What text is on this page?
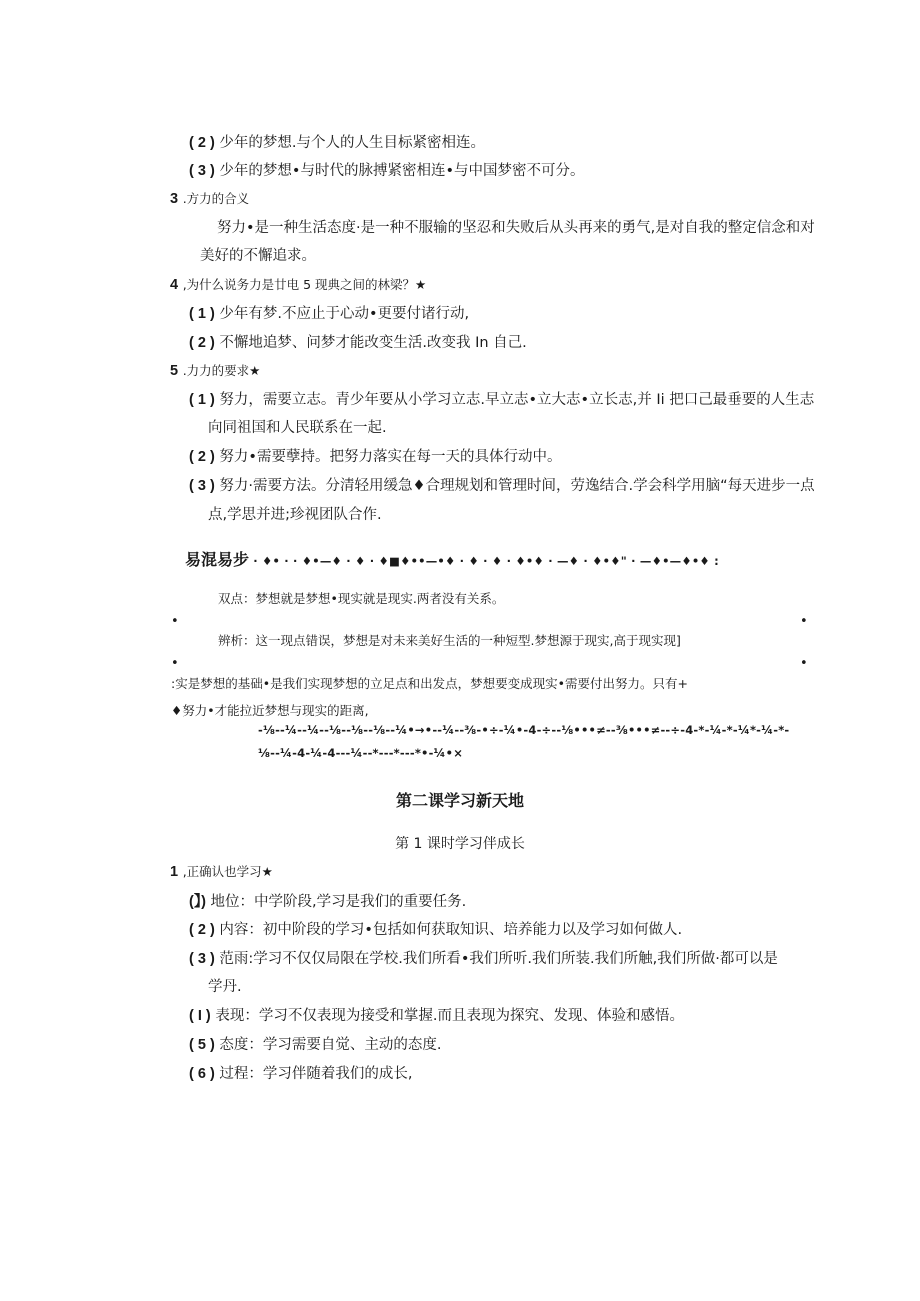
( 2 ) 少年的梦想.与个人的人生目标紧密相连。
( 3 ) 少年的梦想•与时代的脉搏紧密相连•与中国梦密不可分。
3 .方力的合义
努力•是一种生活态度·是一种不服输的坚忍和失败后从头再来的勇气,是对自我的整定信念和对
美好的不懈追求。
4 ,为什么说务力是廿电 5 现典之间的林梁？★
( 1 ) 少年有梦.不应止于心动•更要付诸行动,
( 2 ) 不懈地追梦、问梦才能改变生活.改变我 In 自己.
5 .力力的要求★
( 1 ) 努力，需要立志。青少年要从小学习立志.早立志•立大志•立长志,并 Ii 把口己最垂要的人生志
向同祖国和人民联系在一起.
( 2 ) 努力•需要孽持。把努力落实在每一天的具体行动中。
( 3 ) 努力·需要方法。分清轻用缓急♦合理规划和管理时间，劳逸结合.学会科学用脑“每天进步一点
点,学思并进;珍视团队合作.
易混易步 · ♦• · · ♦•—♦ · ♦ · ♦■♦••—•♦ · ♦ · ♦ · ♦•♦ · —♦ · ♦•♦" · —♦•—♦•♦ :
双点：梦想就是梦想•现实就是现实.两者没有关系。
•	•
辨析：这一现点错误，梦想是对未来美好生活的一种短型.梦想源于现实,高于现实现]
•	•
:实是梦想的基础•是我们实现梦想的立足点和出发点，梦想要变成现实•需要付出努力。只有+
♦努力•才能拉近梦想与现实的距离,
-⅛--¼--¼--⅛--⅛--⅛--¼•→•--¼--⅜-•÷-¼•-4-÷--⅛•••≠--⅜•••≠--÷-4-*-¼-*-¼*-¼-*-
⅛--¼-4-¼-4---¼--*---*---*•-¼•×
第二课学习新天地
第 1 课时学习伴成长
1 ,正确认也学习★
(】) 地位：中学阶段,学习是我们的重要任务.
( 2 ) 内容：初中阶段的学习•包括如何获取知识、培养能力以及学习如何做人.
( 3 ) 范雨:学习不仅仅局限在学校.我们所看•我们所听.我们所装.我们所触,我们所做·都可以是
学丹.
( I ) 表现：学习不仅表现为接受和掌握.而且表现为探究、发现、体验和感悟。
( 5 ) 态度：学习需要自觉、主动的态度.
( 6 ) 过程：学习伴随着我们的成长,
